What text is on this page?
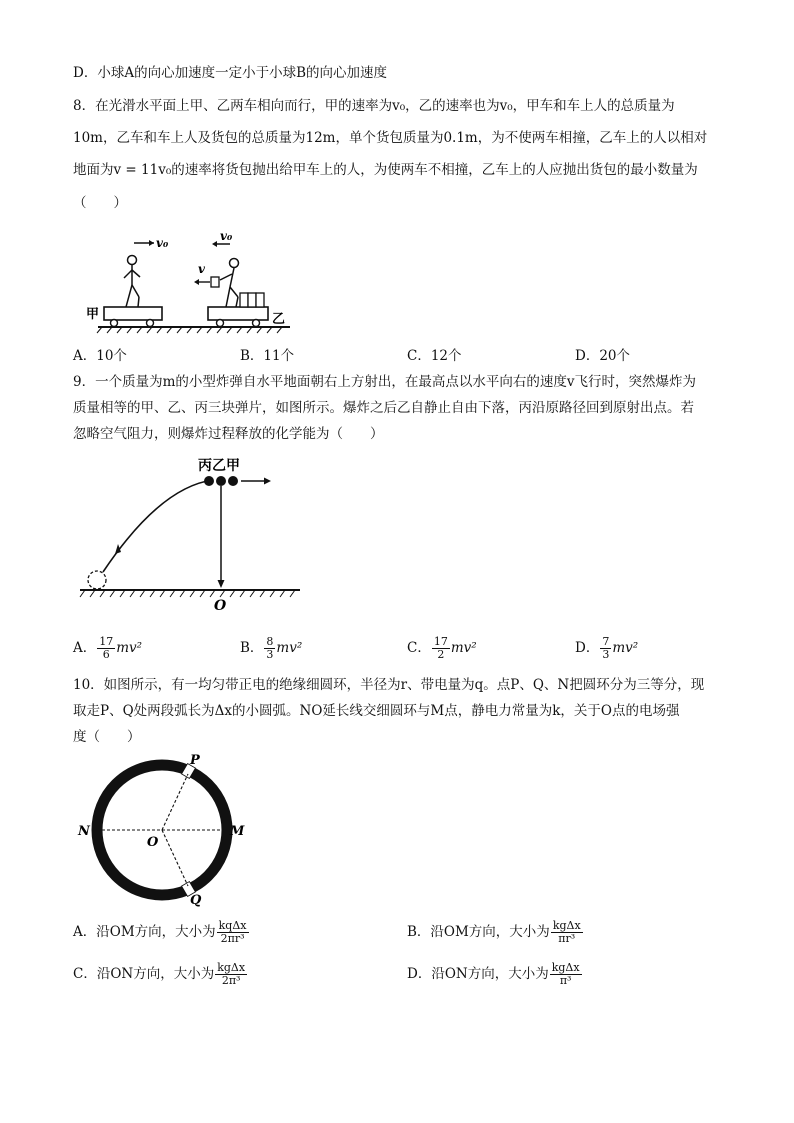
D．小球A的向心加速度一定小于小球B的向心加速度
8．在光滑水平面上甲、乙两车相向而行，甲的速率为v₀，乙的速率也为v₀，甲车和车上人的总质量为
10m，乙车和车上人及货包的总质量为12m，单个货包质量为0.1m，为不使两车相撞，乙车上的人以相对
地面为v = 11v₀的速率将货包抛出给甲车上的人，为使两车不相撞，乙车上的人应抛出货包的最小数量为
（　　）
甲
v₀
乙
v
v₀
A．10个	B．11个	C．12个	D．20个
9．一个质量为m的小型炸弹自水平地面朝右上方射出，在最高点以水平向右的速度v飞行时，突然爆炸为
质量相等的甲、乙、丙三块弹片，如图所示。爆炸之后乙自静止自由下落，丙沿原路径回到原射出点。若
忽略空气阻力，则爆炸过程释放的化学能为（　　）
丙乙甲
O
A． $\frac{17}{6} mv^2$	B． $\frac{8}{3} mv^2$	C． $\frac{17}{2} mv^2$	D． $\frac{7}{3} mv^2$
10．如图所示，有一均匀带正电的绝缘细圆环，半径为r、带电量为q。点P、Q、N把圆环分为三等分，现
取走P、Q处两段弧长为Δx的小圆弧。NO延长线交细圆环与M点，静电力常量为k，关于O点的电场强
度（　　）
P
Q
N	M
O
A．沿OM方向，大小为 $\frac{\text{kqΔx}}{\text{2πr³}}$	B．沿OM方向，大小为 $\frac{\text{kgΔx}}{\text{πr³}}$
C．沿ON方向，大小为 $\frac{\text{kgΔx}}{\text{2π³}}$	D．沿ON方向，大小为 $\frac{\text{kgΔx}}{\text{π³}}$
